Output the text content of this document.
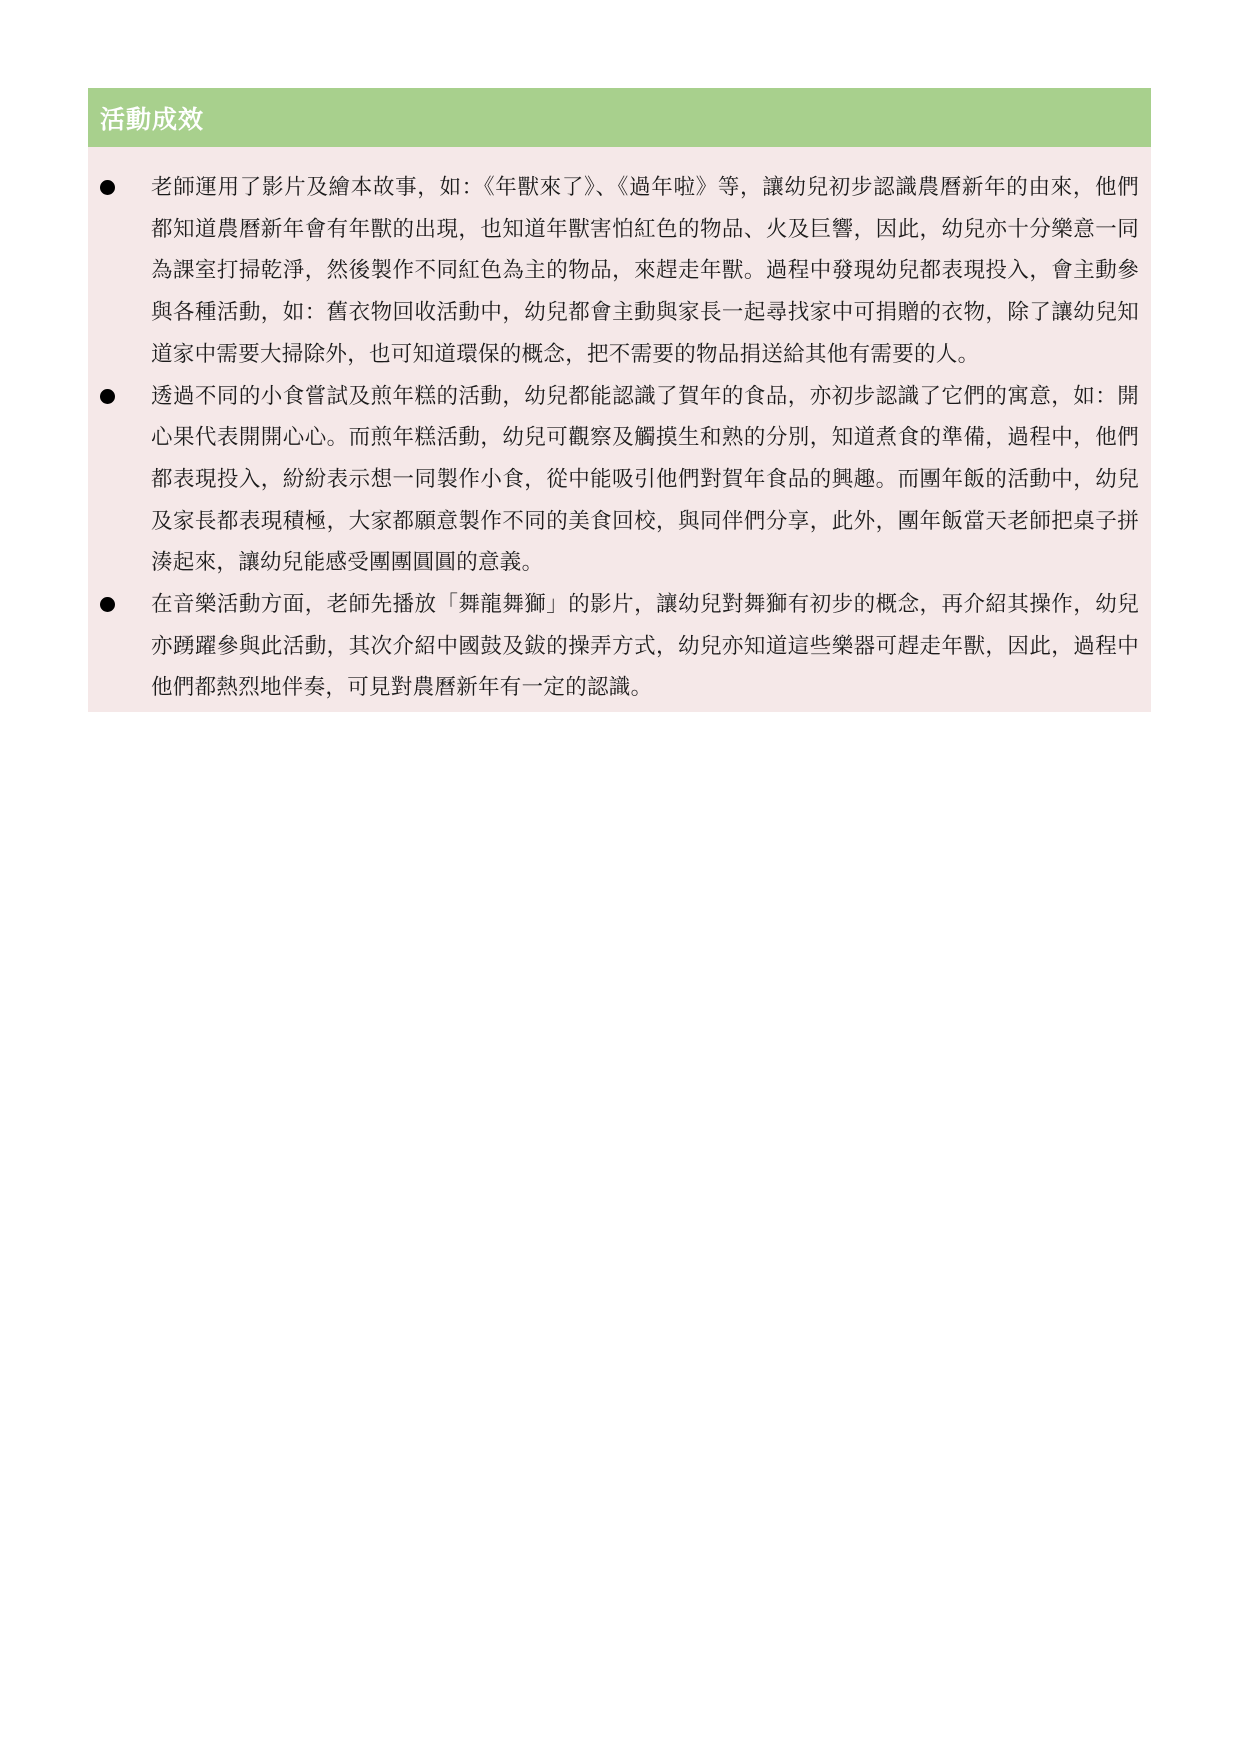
活動成效
老師運用了影片及繪本故事，如：《年獸來了》、《過年啦》等，讓幼兒初步認識農曆新年的由來，他們都知道農曆新年會有年獸的出現，也知道年獸害怕紅色的物品、火及巨響，因此，幼兒亦十分樂意一同為課室打掃乾淨，然後製作不同紅色為主的物品，來趕走年獸。過程中發現幼兒都表現投入，會主動參與各種活動，如：舊衣物回收活動中，幼兒都會主動與家長一起尋找家中可捐贈的衣物，除了讓幼兒知道家中需要大掃除外，也可知道環保的概念，把不需要的物品捐送給其他有需要的人。
透過不同的小食嘗試及煎年糕的活動，幼兒都能認識了賀年的食品，亦初步認識了它們的寓意，如：開心果代表開開心心。而煎年糕活動，幼兒可觀察及觸摸生和熟的分別，知道煮食的準備，過程中，他們都表現投入，紛紛表示想一同製作小食，從中能吸引他們對賀年食品的興趣。而團年飯的活動中，幼兒及家長都表現積極，大家都願意製作不同的美食回校，與同伴們分享，此外，團年飯當天老師把桌子拼湊起來，讓幼兒能感受團團圓圓的意義。
在音樂活動方面，老師先播放「舞龍舞獅」的影片，讓幼兒對舞獅有初步的概念，再介紹其操作，幼兒亦踴躍參與此活動，其次介紹中國鼓及鈸的操弄方式，幼兒亦知道這些樂器可趕走年獸，因此，過程中他們都熱烈地伴奏，可見對農曆新年有一定的認識。
